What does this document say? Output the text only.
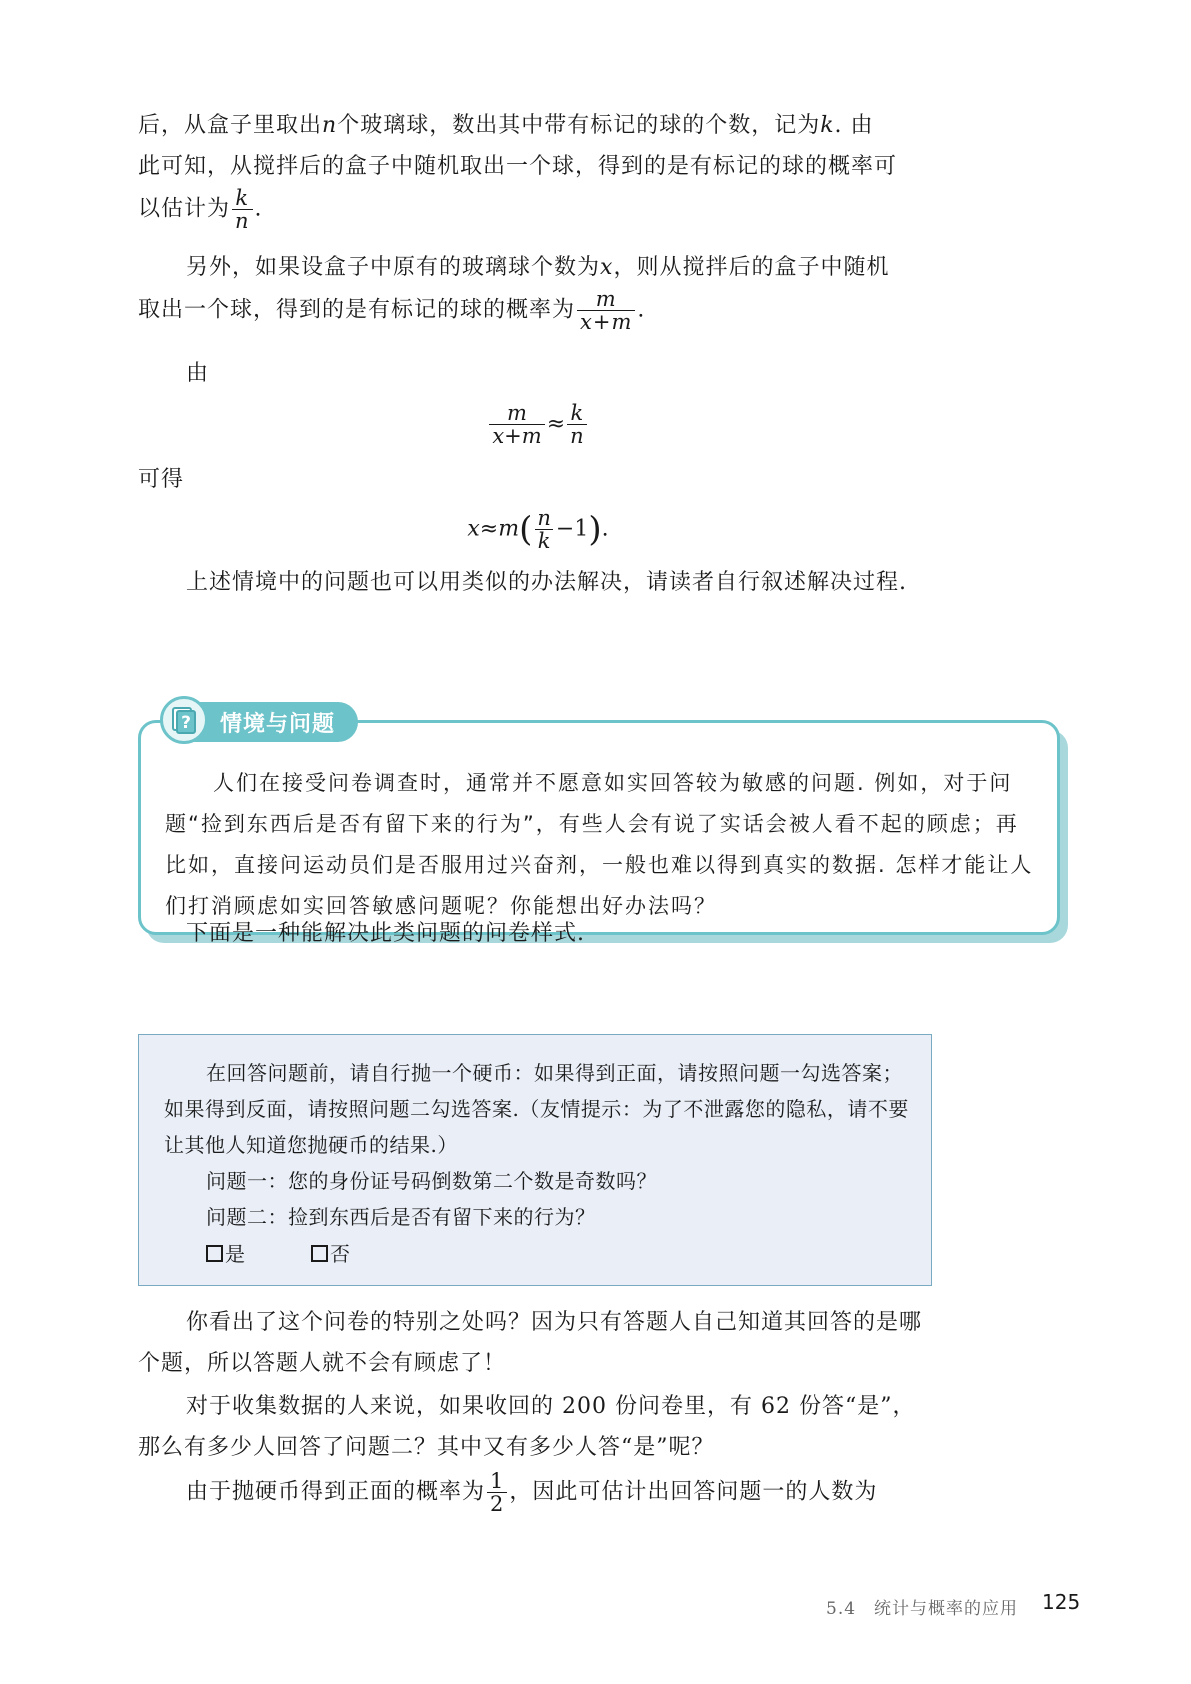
后，从盒子里取出n个玻璃球，数出其中带有标记的球的个数，记为k. 由
此可知，从搅拌后的盒子中随机取出一个球，得到的是有标记的球的概率可
以估计为 $\frac{k}{n}$ .

另外，如果设盒子中原有的玻璃球个数为x，则从搅拌后的盒子中随机
取出一个球，得到的是有标记的球的概率为 $\frac{m}{x+m}$ .

由

$\frac{m}{x+m} \approx \frac{k}{n}$

可得

$x\approx m( \frac{n}{k} -1)$.

上述情境中的问题也可以用类似的办法解决，请读者自行叙述解决过程.

人们在接受问卷调查时，通常并不愿意如实回答较为敏感的问题. 例如，对于问题“捡到东西后是否有留下来的行为”，有些人会有说了实话会被人看不起的顾虑；再比如，直接问运动员们是否服用过兴奋剂，一般也难以得到真实的数据. 怎样才能让人们打消顾虑如实回答敏感问题呢？你能想出好办法吗？

? 情境与问题

下面是一种能解决此类问题的问卷样式.

在回答问题前，请自行抛一个硬币：如果得到正面，请按照问题一勾选答案；如果得到反面，请按照问题二勾选答案.（友情提示：为了不泄露您的隐私，请不要让其他人知道您抛硬币的结果.）

问题一：您的身份证号码倒数第二个数是奇数吗？

问题二：捡到东西后是否有留下来的行为？

是	否

你看出了这个问卷的特别之处吗？因为只有答题人自己知道其回答的是哪个题，所以答题人就不会有顾虑了！

对于收集数据的人来说，如果收回的 200 份问卷里，有 62 份答“是”，那么有多少人回答了问题二？其中又有多少人答“是”呢？

由于抛硬币得到正面的概率为 $\frac{1}{2}$ ，因此可估计出回答问题一的人数为

5.4　统计与概率的应用 125
